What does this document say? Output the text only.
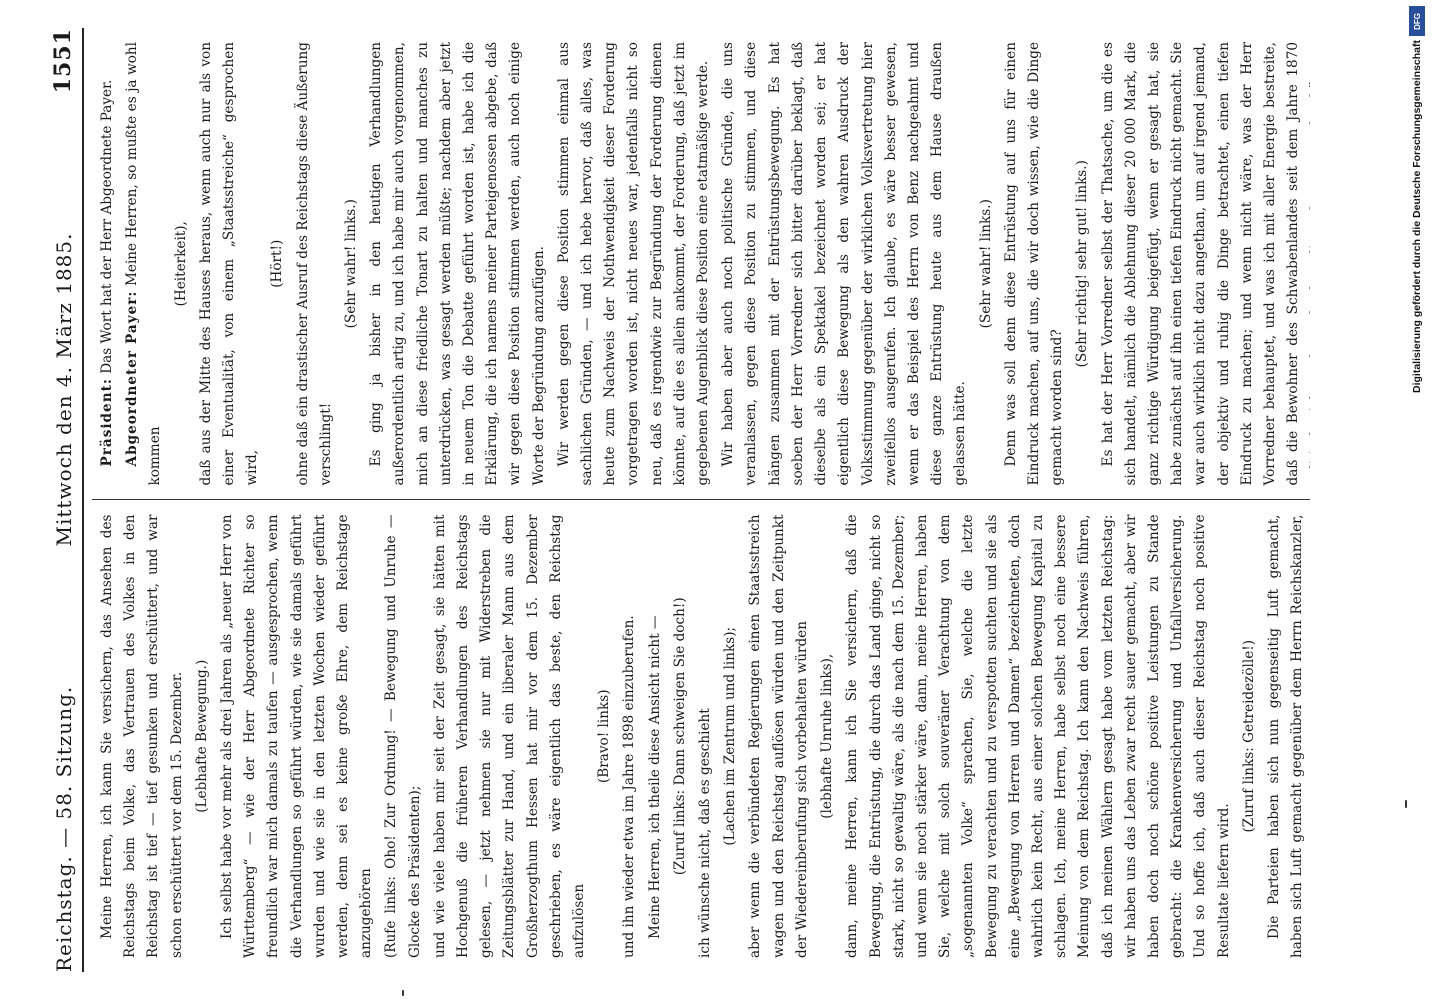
Reichstag. — 58. Sitzung.
Mittwoch den 4. März 1885.
1551

Meine Herren, ich kann Sie versichern, das Ansehen des Reichstags beim Volke, das Vertrauen des Volkes in den Reichstag ist tief — tief gesunken und erschüttert, und war schon erschüttert vor dem 15. Dezember. (Lebhafte Bewegung.) Ich selbst habe vor mehr als drei Jahren als „neuer Herr von Württemberg“ — wie der Herr Abgeordnete Richter so freundlich war mich damals zu taufen — ausgesprochen, wenn die Verhandlungen so geführt würden, wie sie damals geführt wurden und wie sie in den letzten Wochen wieder geführt werden, denn sei es keine große Ehre, dem Reichstage anzugehören (Rufe links: Oho! Zur Ordnung! — Bewegung und Unruhe — Glocke des Präsidenten); und wie viele haben mir seit der Zeit gesagt, sie hätten mit Hochgenuß die früheren Verhandlungen des Reichstags gelesen, — jetzt nehmen sie nur mit Widerstreben die Zeitungsblätter zur Hand, und ein liberaler Mann aus dem Großherzogthum Hessen hat mir vor dem 15. Dezember geschrieben, es wäre eigentlich das beste, den Reichstag aufzulösen

(Bravo! links) und ihn wieder etwa im Jahre 1898 einzuberufen. Meine Herren, ich theile diese Ansicht nicht — (Zuruf links: Dann schweigen Sie doch!) ich wünsche nicht, daß es geschieht (Lachen im Zentrum und links); aber wenn die verbündeten Regierungen einen Staatsstreich wagen und den Reichstag auflösen würden und den Zeitpunkt der Wiedereinberufung sich vorbehalten würden (lebhafte Unruhe links), dann, meine Herren, kann ich Sie versichern, daß die Bewegung, die Entrüstung, die durch das Land ginge, nicht so stark, nicht so gewaltig wäre, als die nach dem 15. Dezember; und wenn sie noch stärker wäre, dann, meine Herren, haben Sie, welche mit solch souveräner Verachtung von dem „sogenannten Volke“ sprachen, Sie, welche die letzte Bewegung zu verachten und zu verspotten suchten und sie als eine „Bewegung von Herren und Damen“ bezeichneten, doch wahrlich kein Recht, aus einer solchen Bewegung Kapital zu schlagen. Ich, meine Herren, habe selbst noch eine bessere Meinung von dem Reichstag. Ich kann den Nachweis führen, daß ich meinen Wählern gesagt habe vom letzten Reichstag: wir haben uns das Leben zwar recht sauer gemacht, aber wir haben doch noch schöne positive Leistungen zu Stande gebracht: die Krankenversicherung und Unfallversicherung. Und so hoffe ich, daß auch dieser Reichstag noch positive Resultate liefern wird.

(Zuruf links: Getreidezölle!)

Die Parteien haben sich nun gegenseitig Luft gemacht, haben sich Luft gemacht gegenüber dem Herrn Reichskanzler,

Präsident: Das Wort hat der Herr Abgeordnete Payer.

Abgeordneter Payer: Meine Herren, so mußte es ja wohl kommen

(Heiterkeit), daß aus der Mitte des Hauses heraus, wenn auch nur als von einer Eventualität, von einem „Staatsstreiche“ gesprochen wird,

(Hört!) ohne daß ein drastischer Ausruf des Reichstags diese Äußerung verschlingt!

(Sehr wahr! links.) Es ging ja bisher in den heutigen Verhandlungen außerordentlich artig zu, und ich habe mir auch vorgenommen, mich an diese friedliche Tonart zu halten und manches zu unterdrücken, was gesagt werden müßte; nachdem aber jetzt in neuem Ton die Debatte geführt worden ist, habe ich die Erklärung, die ich namens meiner Parteigenossen abgebe, daß wir gegen diese Position stimmen werden, auch noch einige Worte der Begründung anzufügen. Wir werden gegen diese Position stimmen einmal aus sachlichen Gründen, — und ich hebe hervor, daß alles, was heute zum Nachweis der Nothwendigkeit dieser Forderung vorgetragen worden ist, nicht neues war, jedenfalls nicht so neu, daß es irgendwie zur Begründung der Forderung dienen könnte, auf die es allein ankommt, der Forderung, daß jetzt im gegebenen Augenblick diese Position eine etatmäßige werde. Wir haben aber auch noch politische Gründe, die uns veranlassen, gegen diese Position zu stimmen, und diese hängen zusammen mit der Entrüstungsbewegung. Es hat soeben der Herr Vorredner sich bitter darüber beklagt, daß dieselbe als ein Spektakel bezeichnet worden sei; er hat eigentlich diese Bewegung als den wahren Ausdruck der Volksstimmung gegenüber der wirklichen Volksvertretung hier zweifellos ausgerufen. Ich glaube, es wäre besser gewesen, wenn er das Beispiel des Herrn von Benz nachgeahmt und diese ganze Entrüstung heute aus dem Hause draußen gelassen hätte.

(Sehr wahr! links.) Denn was soll denn diese Entrüstung auf uns für einen Eindruck machen, auf uns, die wir doch wissen, wie die Dinge gemacht worden sind?

(Sehr richtig! sehr gut! links.)

Es hat der Herr Vorredner selbst der Thatsache, um die es sich handelt, nämlich die Ablehnung dieser 20 000 Mark, die ganz richtige Würdigung beigefügt, wenn er gesagt hat, sie habe zunächst auf ihn einen tiefen Eindruck nicht gemacht. Sie war auch wirklich nicht dazu angethan, um auf irgend jemand, der objektiv und ruhig die Dinge betrachtet, einen tiefen Eindruck zu machen; und wenn nicht wäre, was der Herr Vorredner behauptet, und was ich mit aller Energie bestreite, daß die Bewohner des Schwabenlandes seit dem Jahre 1870

DFG
Digitalisierung gefördert durch die Deutsche Forschungsgemeinschaft
